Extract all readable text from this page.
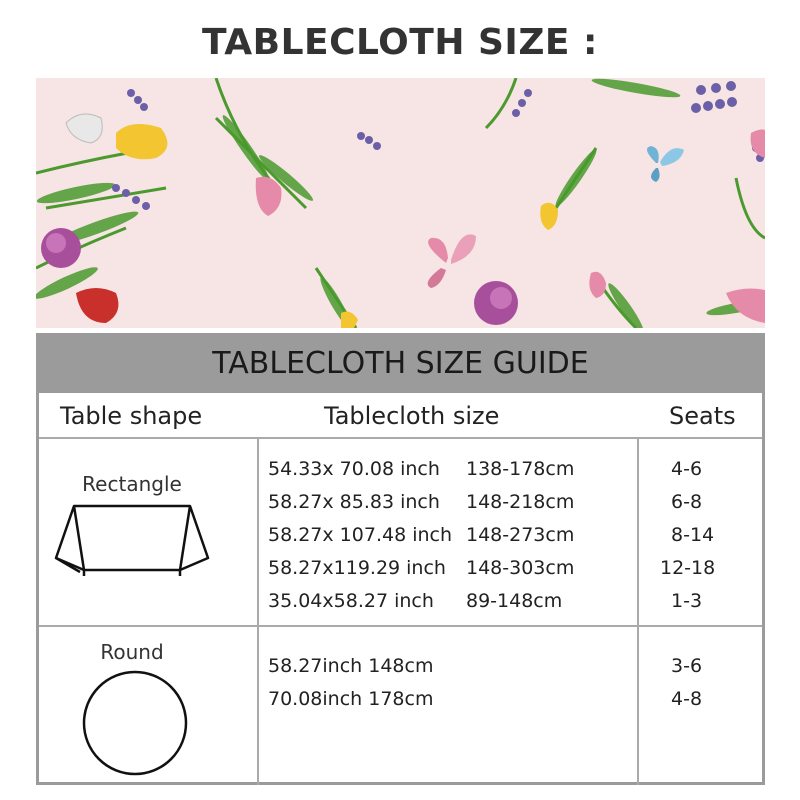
TABLECLOTH SIZE :
TABLECLOTH SIZE GUIDE
Table shape	Tablecloth size	Seats
Rectangle
54.33x 70.08 inch 138-178cm	4-6
58.27x 85.83 inch 148-218cm	6-8
58.27x 107.48 inch 148-273cm	8-14
58.27x119.29 inch 148-303cm	12-18
35.04x58.27 inch 89-148cm	1-3
Round
58.27inch 148cm	3-6
70.08inch 178cm	4-8
